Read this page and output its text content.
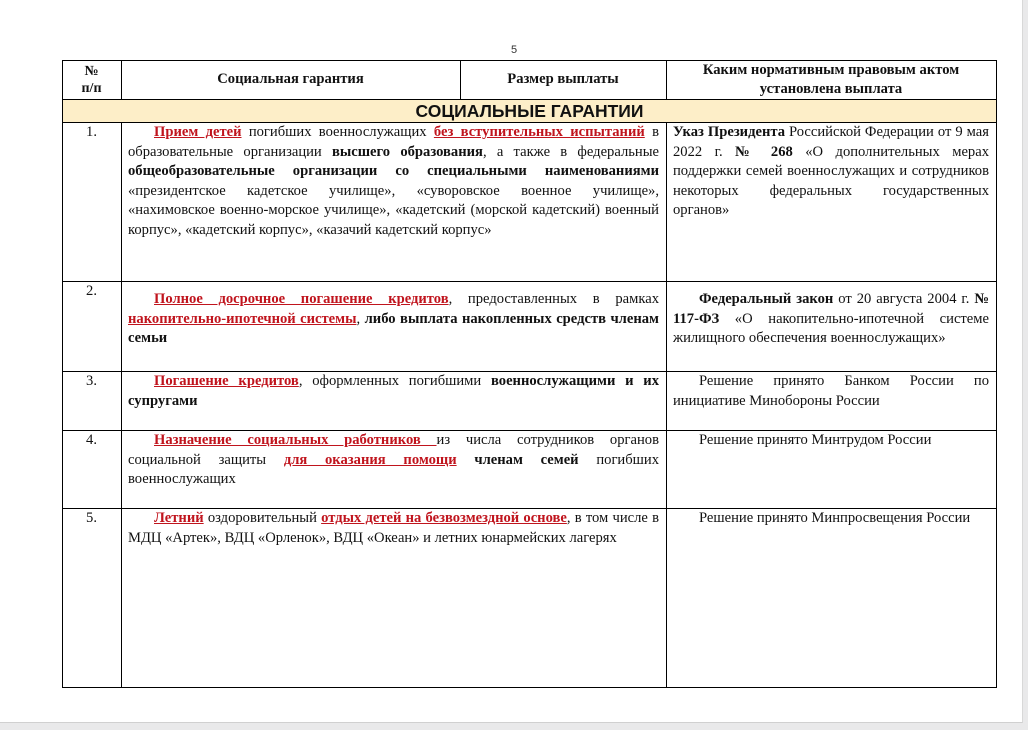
5
№
п/п	Социальная гарантия	Размер выплаты	Каким нормативным правовым актом
установлена выплата
СОЦИАЛЬНЫЕ ГАРАНТИИ			
1.	Прием детей погибших военнослужащих без вступительных испытаний в образовательные организации высшего образования, а также в федеральные общеобразовательные организации со специальными наименованиями «президентское кадетское училище», «суворовское военное училище», «нахимовское военно-морское училище», «кадетский (морской кадетский) военный корпус», «кадетский корпус», «казачий кадетский корпус»		Указ Президента Российской Федерации от 9 мая 2022 г. № 268 «О дополнительных мерах поддержки семей военнослужащих и сотрудников некоторых федеральных государственных органов»

2.	Полное досрочное погашение кредитов, предоставленных в рамках накопительно-ипотечной системы, либо выплата накопленных средств членам семьи		Федеральный закон от 20 августа 2004 г. № 117-ФЗ «О накопительно-ипотечной системе жилищного обеспечения военнослужащих»

3.	Погашение кредитов, оформленных погибшими военнослужащими и их супругами		Решение принято Банком России по инициативе Минобороны России

4.	Назначение социальных работников из числа сотрудников органов социальной защиты для оказания помощи членам семей погибших военнослужащих		Решение принято Минтрудом России

5.	Летний оздоровительный отдых детей на безвозмездной основе, в том числе в МДЦ «Артек», ВДЦ «Орленок», ВДЦ «Океан» и летних юнармейских лагерях		Решение принято Минпросвещения России
